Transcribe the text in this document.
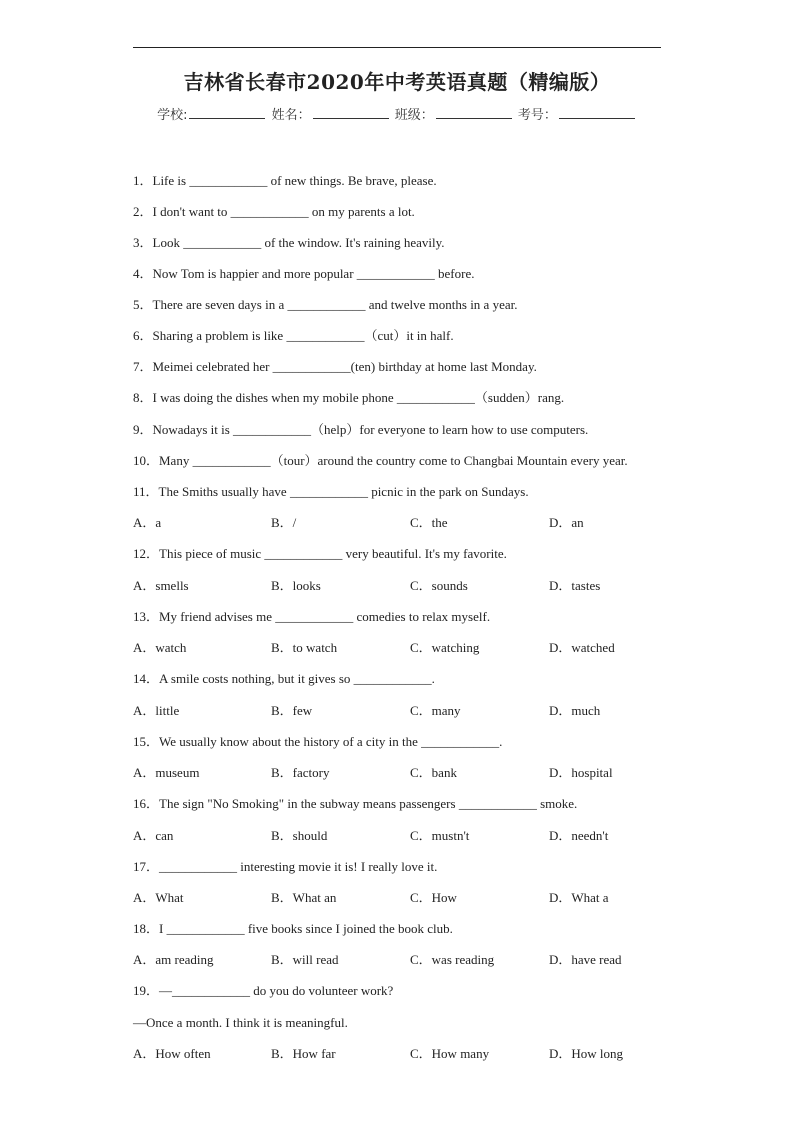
吉林省长春市2020年中考英语真题（精编版）
学校:	姓名：	班级：	考号：
1．Life is ____________ of new things. Be brave, please.
2．I don't want to ____________ on my parents a lot.
3．Look ____________ of the window. It's raining heavily.
4．Now Tom is happier and more popular ____________ before.
5．There are seven days in a ____________ and twelve months in a year.
6．Sharing a problem is like ____________（cut）it in half.
7．Meimei celebrated her ____________(ten) birthday at home last Monday.
8．I was doing the dishes when my mobile phone ____________（sudden）rang.
9．Nowadays it is ____________（help）for everyone to learn how to use computers.
10．Many ____________（tour）around the country come to Changbai Mountain every year.
11．The Smiths usually have ____________ picnic in the park on Sundays.
A．a	B．/	C．the	D．an
12．This piece of music ____________ very beautiful. It's my favorite.
A．smells	B．looks	C．sounds	D．tastes
13．My friend advises me ____________ comedies to relax myself.
A．watch	B．to watch	C．watching	D．watched
14．A smile costs nothing, but it gives so ____________.
A．little	B．few	C．many	D．much
15．We usually know about the history of a city in the ____________.
A．museum	B．factory	C．bank	D．hospital
16．The sign "No Smoking" in the subway means passengers ____________ smoke.
A．can	B．should	C．mustn't	D．needn't
17．____________ interesting movie it is! I really love it.
A．What	B．What an	C．How	D．What a
18．I ____________ five books since I joined the book club.
A．am reading	B．will read	C．was reading	D．have read
19．—____________ do you do volunteer work?
—Once a month. I think it is meaningful.
A．How often	B．How far	C．How many	D．How long
